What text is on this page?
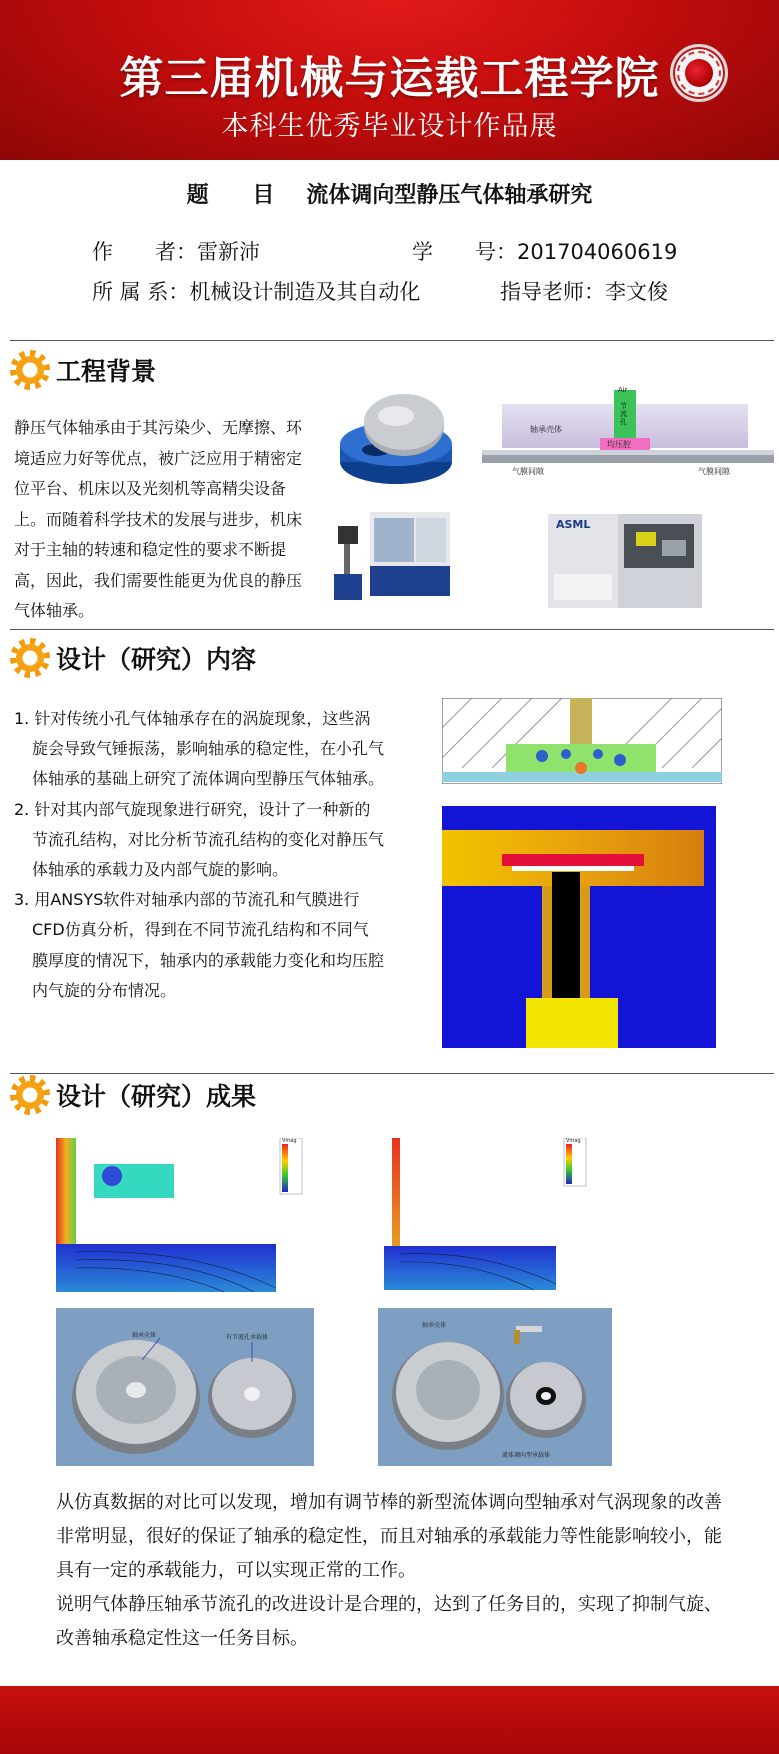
第三届机械与运载工程学院
本科生优秀毕业设计作品展
题 目 流体调向型静压气体轴承研究
作　　者：雷新沛	学　　号：201704060619
所 属 系：机械设计制造及其自动化	指导老师：李文俊
工程背景
静压气体轴承由于其污染少、无摩擦、环境适应力好等优点，被广泛应用于精密定位平台、机床以及光刻机等高精尖设备上。而随着科学技术的发展与进步，机床对于主轴的转速和稳定性的要求不断提高，因此，我们需要性能更为优良的静压气体轴承。
Air
节流孔
轴承壳体
均压腔
气膜间隙	气膜间隙
ASML
设计（研究）内容
1. 针对传统小孔气体轴承存在的涡旋现象，这些涡旋会导致气锤振荡，影响轴承的稳定性，在小孔气体轴承的基础上研究了流体调向型静压气体轴承。
2. 针对其内部气旋现象进行研究，设计了一种新的节流孔结构，对比分析节流孔结构的变化对静压气体轴承的承载力及内部气旋的影响。
3. 用ANSYS软件对轴承内部的节流孔和气膜进行CFD仿真分析，得到在不同节流孔结构和不同气膜厚度的情况下，轴承内的承载能力变化和均压腔内气旋的分布情况。
设计（研究）成果
Vmag	Vmag
轴承壳体	有节流孔承载体
轴承壳体
流体调向型承载体

从仿真数据的对比可以发现，增加有调节棒的新型流体调向型轴承对气涡现象的改善非常明显，很好的保证了轴承的稳定性，而且对轴承的承载能力等性能影响较小，能具有一定的承载能力，可以实现正常的工作。

说明气体静压轴承节流孔的改进设计是合理的，达到了任务目的，实现了抑制气旋、改善轴承稳定性这一任务目标。
